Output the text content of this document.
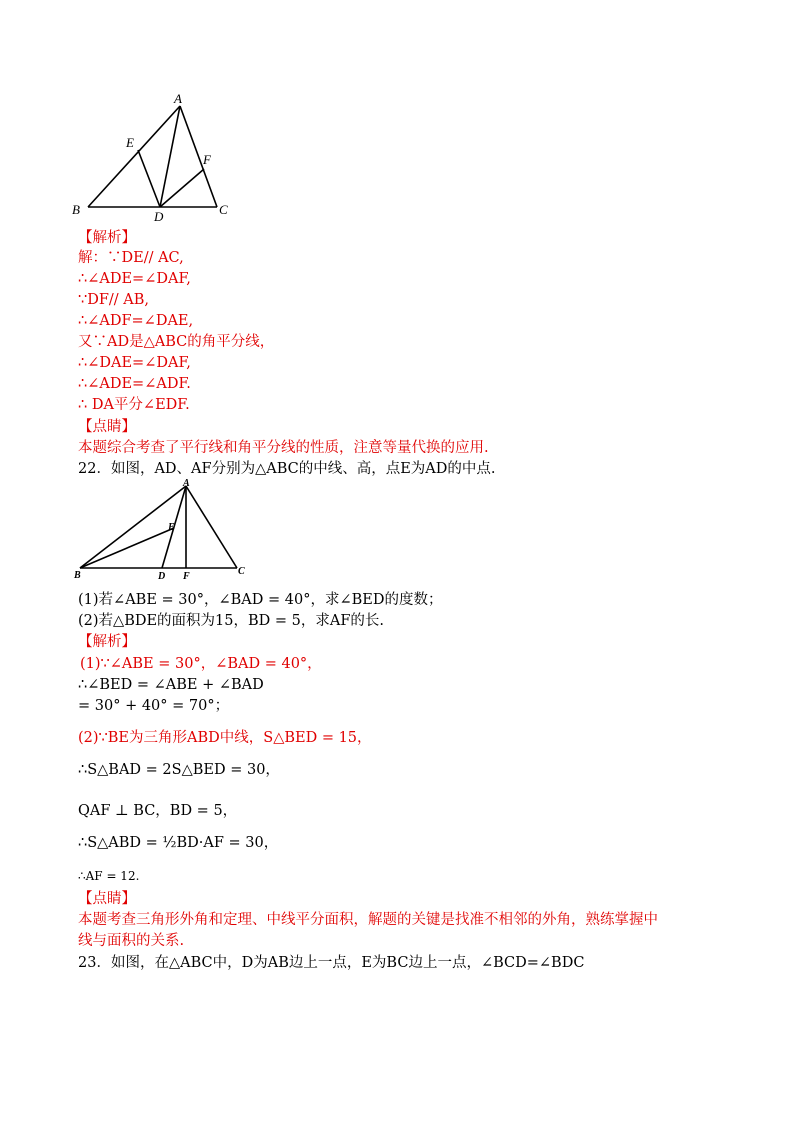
A
B	C
D
E
F
【解析】
解：∵DE// AC,
∴∠ADE=∠DAF,
∵DF// AB,
∴∠ADF=∠DAE,
又∵AD是△ABC的角平分线，
∴∠DAE=∠DAF,
∴∠ADE=∠ADF.
∴ DA平分∠EDF.
【点睛】
本题综合考查了平行线和角平分线的性质，注意等量代换的应用.
22．如图，AD、AF分别为△ABC的中线、高，点E为AD的中点.
A
B	C
D
E
F
(1)若∠ABE = 30°，∠BAD = 40°，求∠BED的度数；
(2)若△BDE的面积为15，BD = 5，求AF的长.
【解析】
(1)∵∠ABE = 30°，∠BAD = 40°，
∴∠BED = ∠ABE + ∠BAD
= 30° + 40° = 70°；
(2)∵BE为三角形ABD中线，S△BED = 15，
∴S△BAD = 2S△BED = 30，
QAF ⊥ BC，BD = 5，
∴S△ABD = ½BD·AF = 30，
∴AF = 12.
【点睛】
本题考查三角形外角和定理、中线平分面积，解题的关键是找准不相邻的外角，熟练掌握中
线与面积的关系.
23．如图，在△ABC中，D为AB边上一点，E为BC边上一点，∠BCD=∠BDC
